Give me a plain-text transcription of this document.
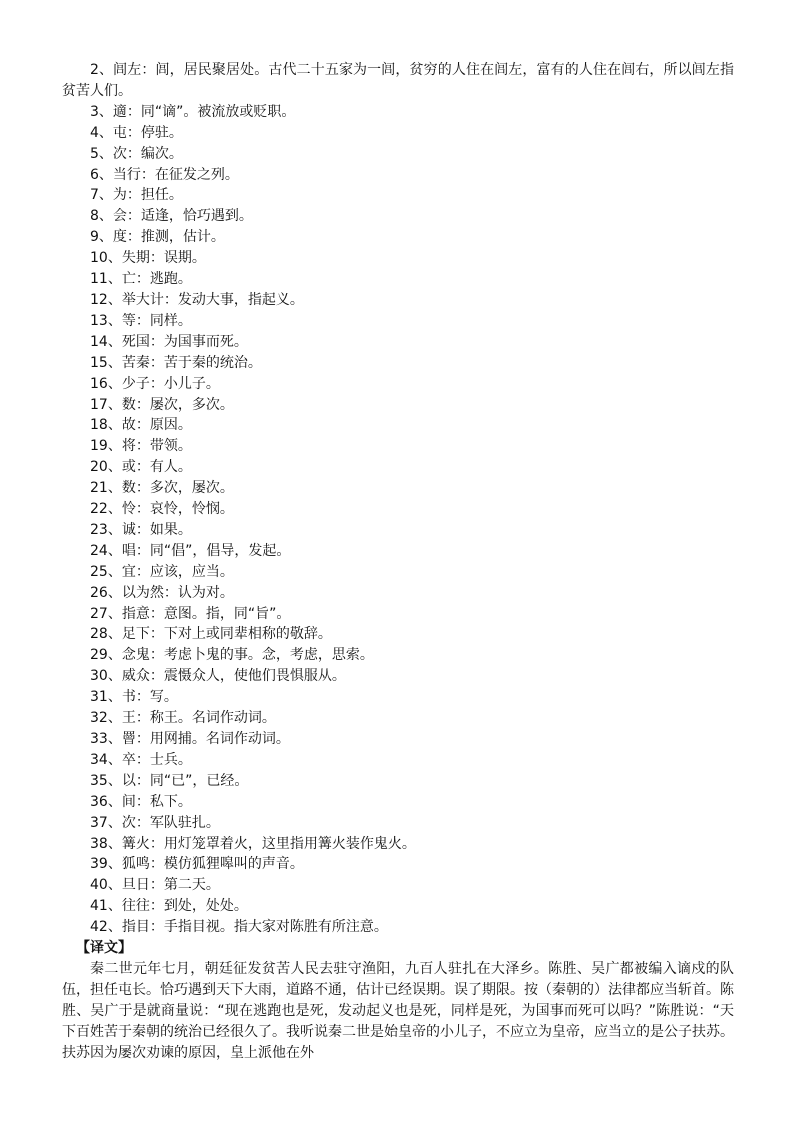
2、闾左：闾，居民聚居处。古代二十五家为一闾，贫穷的人住在闾左，富有的人住在闾右，所以闾左指贫苦人们。

3、適：同“谪”。被流放或贬职。

4、屯：停驻。

5、次：编次。

6、当行：在征发之列。

7、为：担任。

8、会：适逢，恰巧遇到。

9、度：推测，估计。

10、失期：误期。

11、亡：逃跑。

12、举大计：发动大事，指起义。

13、等：同样。

14、死国：为国事而死。

15、苦秦：苦于秦的统治。

16、少子：小儿子。

17、数：屡次，多次。

18、故：原因。

19、将：带领。

20、或：有人。

21、数：多次，屡次。

22、怜：哀怜，怜悯。

23、诚：如果。

24、唱：同“倡”，倡导，发起。

25、宜：应该，应当。

26、以为然：认为对。

27、指意：意图。指，同“旨”。

28、足下：下对上或同辈相称的敬辞。

29、念鬼：考虑卜鬼的事。念，考虑，思索。

30、威众：震慑众人，使他们畏惧服从。

31、书：写。

32、王：称王。名词作动词。

33、罾：用网捕。名词作动词。

34、卒：士兵。

35、以：同“已”，已经。

36、间：私下。

37、次：军队驻扎。

38、篝火：用灯笼罩着火，这里指用篝火装作鬼火。

39、狐鸣：模仿狐狸嗥叫的声音。

40、旦日：第二天。

41、往往：到处，处处。

42、指目：手指目视。指大家对陈胜有所注意。

【译文】

秦二世元年七月，朝廷征发贫苦人民去驻守渔阳，九百人驻扎在大泽乡。陈胜、吴广都被编入谪戍的队伍，担任屯长。恰巧遇到天下大雨，道路不通，估计已经误期。误了期限。按（秦朝的）法律都应当斩首。陈胜、吴广于是就商量说：“现在逃跑也是死，发动起义也是死，同样是死，为国事而死可以吗？”陈胜说：“天下百姓苦于秦朝的统治已经很久了。我听说秦二世是始皇帝的小儿子，不应立为皇帝，应当立的是公子扶苏。扶苏因为屡次劝谏的原因，皇上派他在外
